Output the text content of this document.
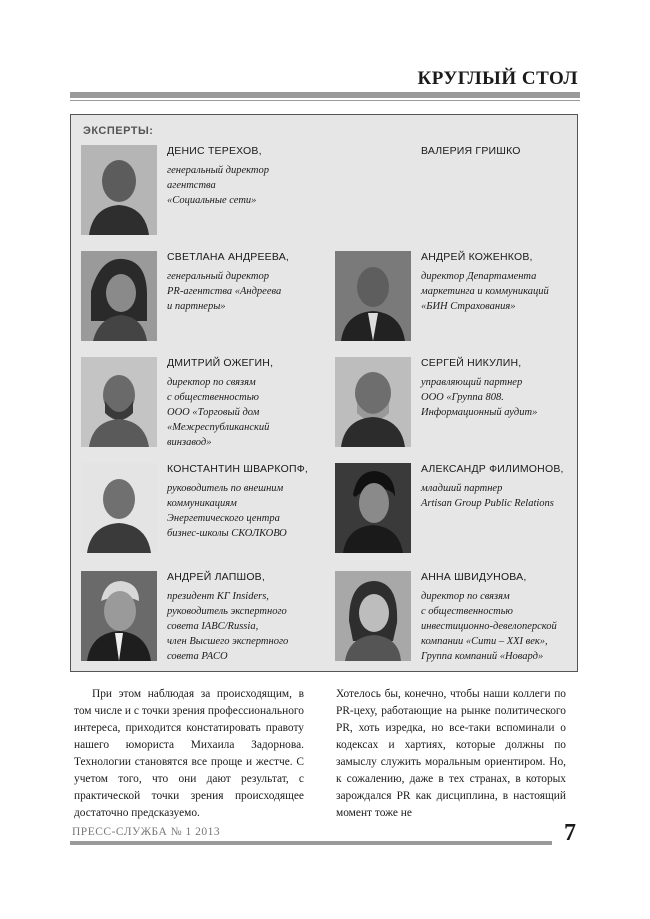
КРУГЛЫЙ СТОЛ
ЭКСПЕРТЫ:
ДЕНИС ТЕРЕХОВ,
генеральный директор
агентства
«Социальные сети»
ВАЛЕРИЯ ГРИШКО
СВЕТЛАНА АНДРЕЕВА,
генеральный директор
PR-агентства «Андреева
и партнеры»
АНДРЕЙ КОЖЕНКОВ,
директор Департамента
маркетинга и коммуникаций
«БИН Страхования»
ДМИТРИЙ ОЖЕГИН,
директор по связям
с общественностью
ООО «Торговый дом
«Межреспубликанский
винзавод»
СЕРГЕЙ НИКУЛИН,
управляющий партнер
ООО «Группа 808.
Информационный аудит»
КОНСТАНТИН ШВАРКОПФ,
руководитель по внешним
коммуникациям
Энергетического центра
бизнес-школы СКОЛКОВО
АЛЕКСАНДР ФИЛИМОНОВ,
младший партнер
Artisan Group Public Relations
АНДРЕЙ ЛАПШОВ,
президент КГ Insiders,
руководитель экспертного
совета IABC/Russia,
член Высшего экспертного
совета РАСО
АННА ШВИДУНОВА,
директор по связям
с общественностью
инвестиционно-девелоперской
компании «Сити – XXI век»,
Группа компаний «Новард»
При этом наблюдая за происходящим, в том числе и с точки зрения профессионального интереса, приходится констатировать правоту нашего юмориста Михаила Задорнова. Технологии становятся все проще и жестче. С учетом того, что они дают результат, с практической точки зрения происходящее достаточно предсказуемо.
Хотелось бы, конечно, чтобы наши коллеги по PR-цеху, работающие на рынке политического PR, хоть изредка, но все-таки вспоминали о кодексах и хартиях, которые должны по замыслу служить моральным ориентиром. Но, к сожалению, даже в тех странах, в которых зарождался PR как дисциплина, в настоящий момент тоже не
ПРЕСС-СЛУЖБА № 1 2013	7
